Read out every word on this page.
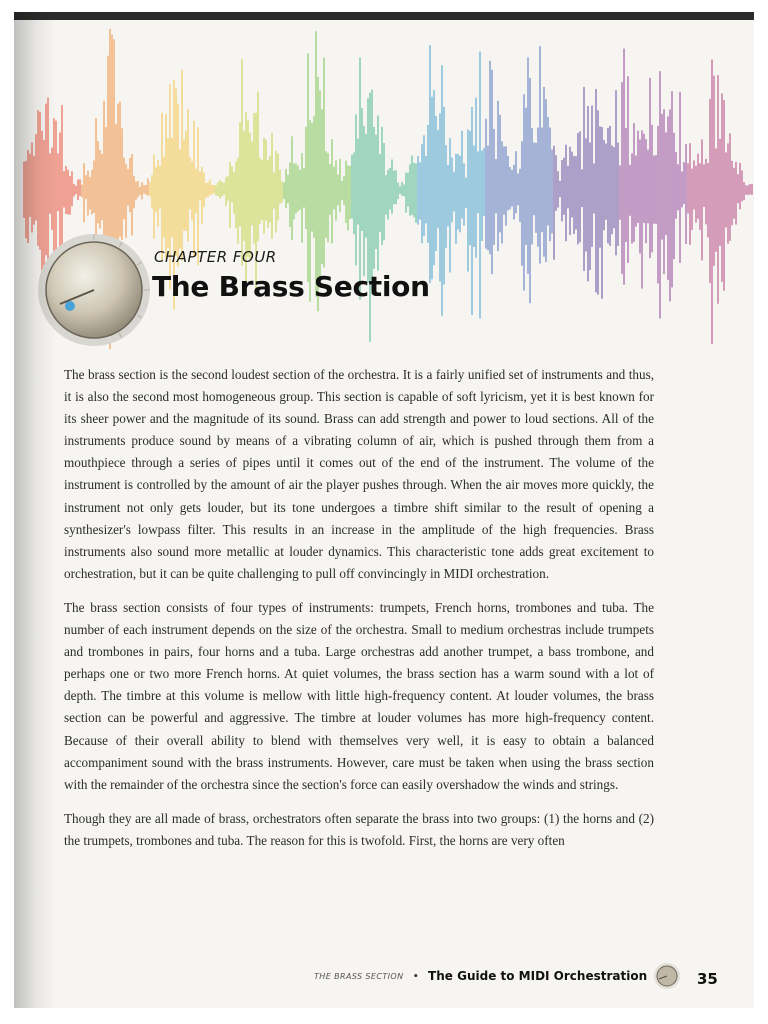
CHAPTER FOUR
The Brass Section

The brass section is the second loudest section of the orchestra. It is a fairly unified set of instruments and thus, it is also the second most homogeneous group. This section is capable of soft lyricism, yet it is best known for its sheer power and the magnitude of its sound. Brass can add strength and power to loud sections. All of the instruments produce sound by means of a vibrating column of air, which is pushed through them from a mouthpiece through a series of pipes until it comes out of the end of the instrument. The volume of the instrument is controlled by the amount of air the player pushes through. When the air moves more quickly, the instrument not only gets louder, but its tone undergoes a timbre shift similar to the result of opening a synthesizer's lowpass filter. This results in an increase in the amplitude of the high frequencies. Brass instruments also sound more metallic at louder dynamics. This characteristic tone adds great excitement to orchestration, but it can be quite challenging to pull off convincingly in MIDI orchestration.

The brass section consists of four types of instruments: trumpets, French horns, trombones and tuba. The number of each instrument depends on the size of the orchestra. Small to medium orchestras include trumpets and trombones in pairs, four horns and a tuba. Large orchestras add another trumpet, a bass trombone, and perhaps one or two more French horns. At quiet volumes, the brass section has a warm sound with a lot of depth. The timbre at this volume is mellow with little high-frequency content. At louder volumes, the brass section can be powerful and aggressive. The timbre at louder volumes has more high-frequency content. Because of their overall ability to blend with themselves very well, it is easy to obtain a balanced accompaniment sound with the brass instruments. However, care must be taken when using the brass section with the remainder of the orchestra since the section's force can easily overshadow the winds and strings.

Though they are all made of brass, orchestrators often separate the brass into two groups: (1) the horns and (2) the trumpets, trombones and tuba. The reason for this is twofold. First, the horns are very often

THE BRASS SECTION • The Guide to MIDI Orchestration	35
